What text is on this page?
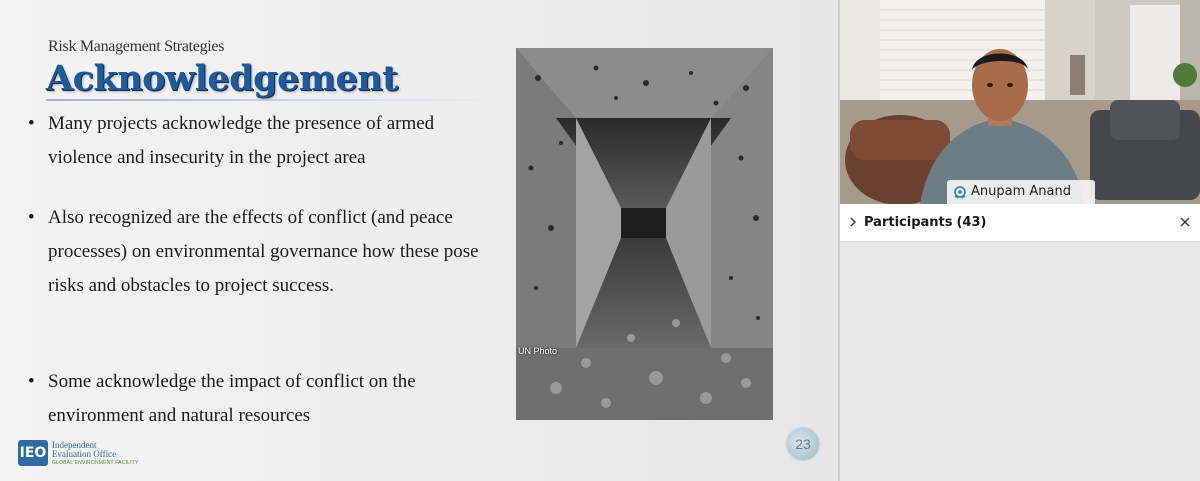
Risk Management Strategies
Acknowledgement
• Many projects acknowledge the presence of armed violence and insecurity in the project area
• Also recognized are the effects of conflict (and peace processes) on environmental governance how these pose risks and obstacles to project success.
• Some acknowledge the impact of conflict on the environment and natural resources
UN Photo
IEO Independent
Evaluation Office
GLOBAL ENVIRONMENT FACILITY
23
Anupam Anand
Participants (43)
